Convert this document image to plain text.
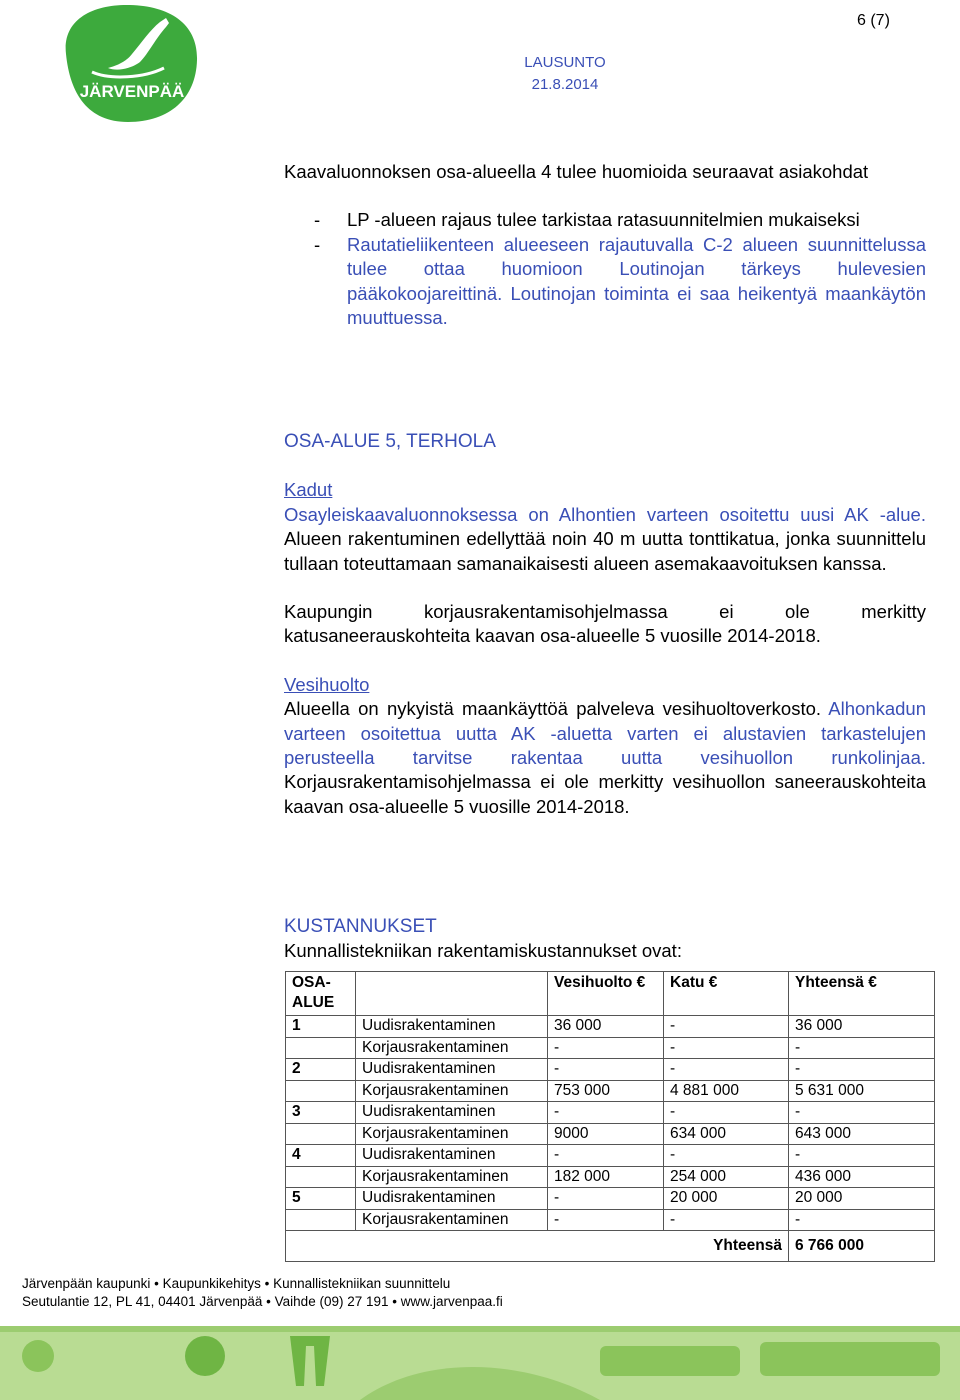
JÄRVENPÄÄ
6 (7)
LAUSUNTO
21.8.2014

Kaavaluonnoksen osa-alueella 4 tulee huomioida seuraavat asiakohdat

- LP -alueen rajaus tulee tarkistaa ratasuunnitelmien mukaiseksi

- Rautatieliikenteen alueeseen rajautuvalla C-2 alueen suunnittelussa tulee ottaa huomioon Loutinojan tärkeys hulevesien pääkokoojareittinä. Loutinojan toiminta ei saa heikentyä maankäytön muuttuessa.

OSA-ALUE 5, TERHOLA
Kadut

Osayleiskaavaluonnoksessa on Alhontien varteen osoitettu uusi AK -alue. Alueen rakentuminen edellyttää noin 40 m uutta tonttikatua, jonka suunnittelu tullaan toteuttamaan samanaikaisesti alueen asemakaavoituksen kanssa.

Kaupungin korjausrakentamisohjelmassa ei ole merkitty katusaneerauskohteita kaavan osa-alueelle 5 vuosille 2014-2018.

Vesihuolto

Alueella on nykyistä maankäyttöä palveleva vesihuoltoverkosto. Alhonkadun varteen osoitettua uutta AK -aluetta varten ei alustavien tarkastelujen perusteella tarvitse rakentaa uutta vesihuollon runkolinjaa. Korjausrakentamisohjelmassa ei ole merkitty vesihuollon saneerauskohteita kaavan osa-alueelle 5 vuosille 2014-2018.

KUSTANNUKSET
Kunnallistekniikan rakentamiskustannukset ovat:
OSA-ALUE		Vesihuolto €	Katu €	Yhteensä €
1	Uudisrakentaminen	36 000	-	36 000
	Korjausrakentaminen	-	-	-
2	Uudisrakentaminen	-	-	-
	Korjausrakentaminen	753 000	4 881 000	5 631 000
3	Uudisrakentaminen	-	-	-
	Korjausrakentaminen	9000	634 000	643 000
4	Uudisrakentaminen	-	-	-
	Korjausrakentaminen	182 000	254 000	436 000
5	Uudisrakentaminen	-	20 000	20 000
	Korjausrakentaminen	-	-	-
Yhteensä				6 766 000
Järvenpään kaupunki • Kaupunkikehitys • Kunnallistekniikan suunnittelu
Seutulantie 12, PL 41, 04401 Järvenpää • Vaihde (09) 27 191 • www.jarvenpaa.fi
